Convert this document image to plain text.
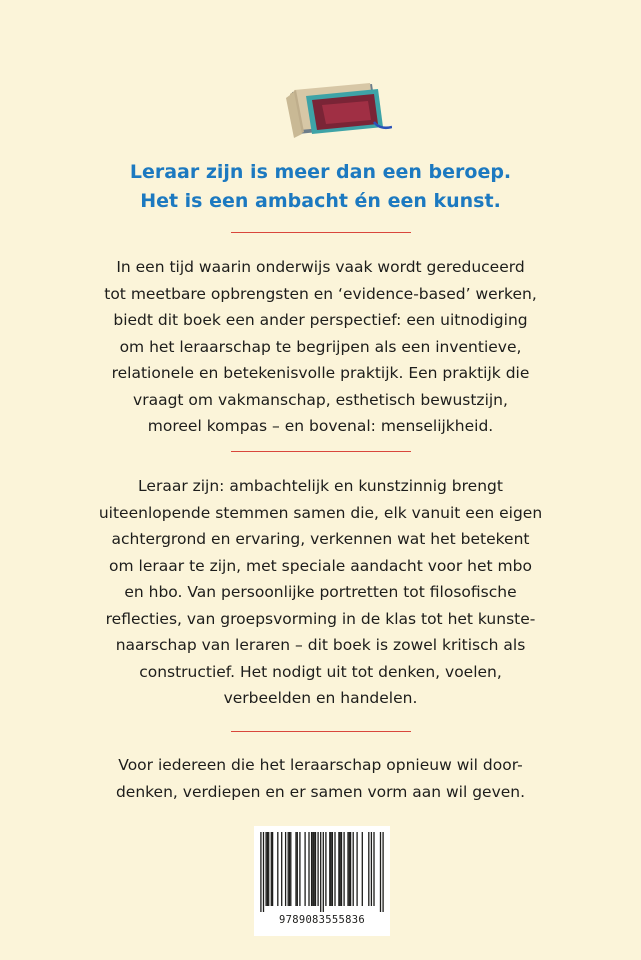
Leraar zijn is meer dan een beroep.
Het is een ambacht én een kunst.
In een tijd waarin onderwijs vaak wordt gereduceerd
tot meetbare opbrengsten en ‘evidence-based’ werken,
biedt dit boek een ander perspectief: een uitnodiging
om het leraarschap te begrijpen als een inventieve,
relationele en betekenisvolle praktijk. Een praktijk die
vraagt om vakmanschap, esthetisch bewustzijn,
moreel kompas – en bovenal: menselijkheid.
Leraar zijn: ambachtelijk en kunstzinnig brengt
uiteenlopende stemmen samen die, elk vanuit een eigen
achtergrond en ervaring, verkennen wat het betekent
om leraar te zijn, met speciale aandacht voor het mbo
en hbo. Van persoonlijke portretten tot filosofische
reflecties, van groepsvorming in de klas tot het kunste-
naarschap van leraren – dit boek is zowel kritisch als
constructief. Het nodigt uit tot denken, voelen,
verbeelden en handelen.
Voor iedereen die het leraarschap opnieuw wil door-
denken, verdiepen en er samen vorm aan wil geven.
9789083555836
